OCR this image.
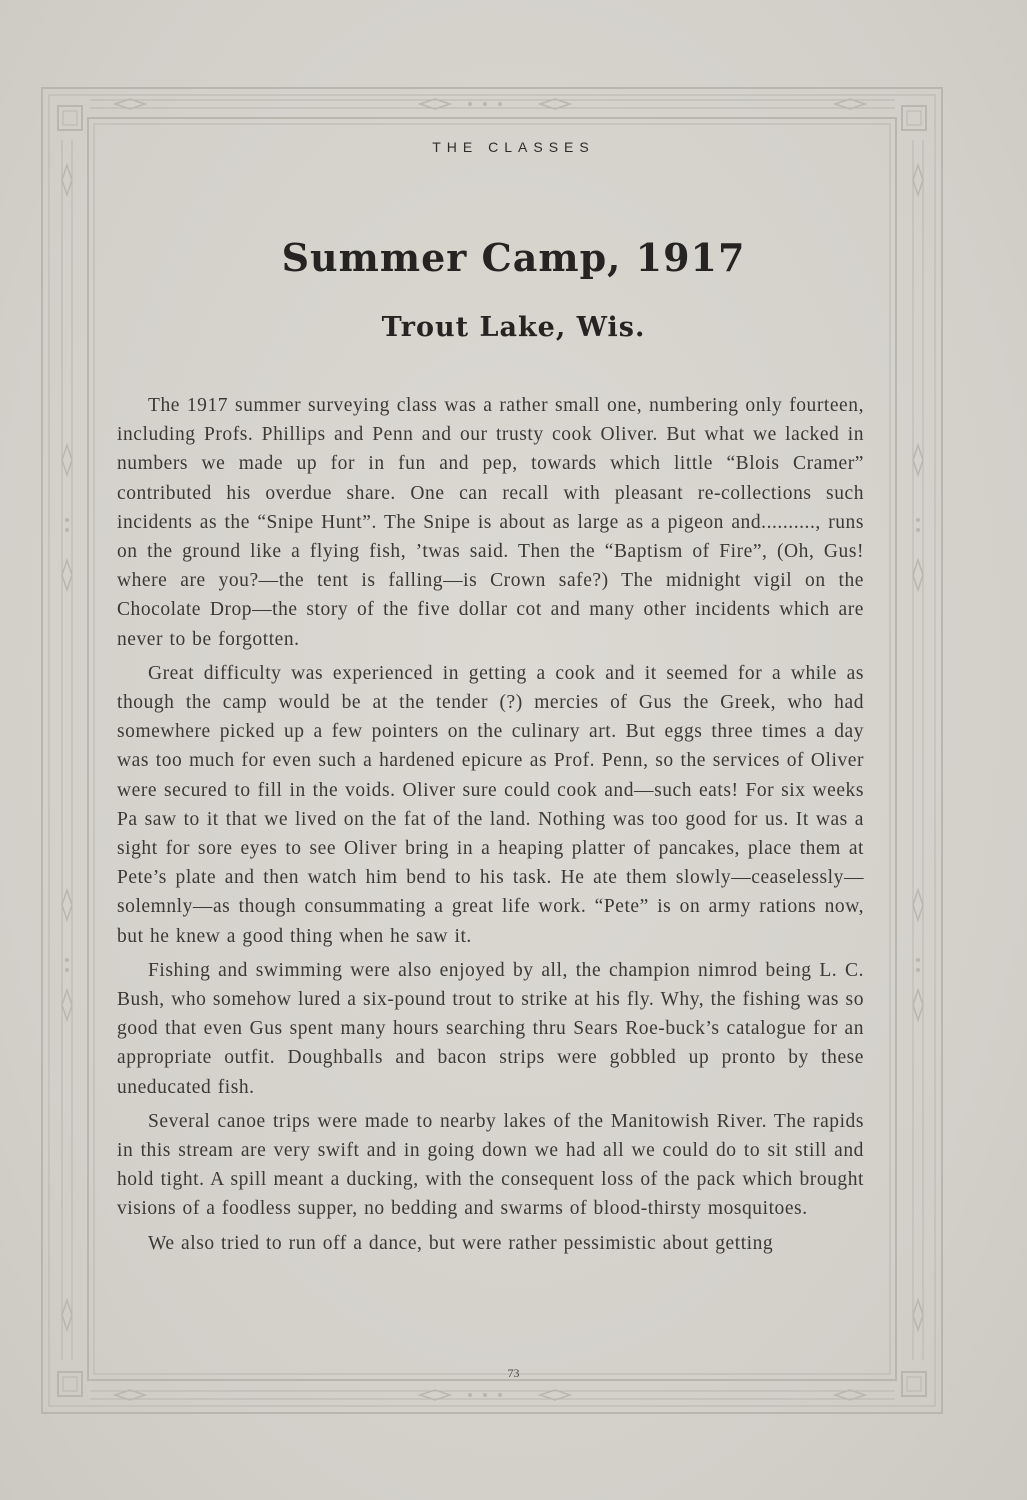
THE CLASSES
Summer Camp, 1917
Trout Lake, Wis.

The 1917 summer surveying class was a rather small one, numbering only fourteen, including Profs. Phillips and Penn and our trusty cook Oliver. But what we lacked in numbers we made up for in fun and pep, towards which little “Blois Cramer” contributed his overdue share. One can recall with pleasant re-collections such incidents as the “Snipe Hunt”. The Snipe is about as large as a pigeon and.........., runs on the ground like a flying fish, ’twas said. Then the “Baptism of Fire”, (Oh, Gus! where are you?—the tent is falling—is Crown safe?) The midnight vigil on the Chocolate Drop—the story of the five dollar cot and many other incidents which are never to be forgotten.

Great difficulty was experienced in getting a cook and it seemed for a while as though the camp would be at the tender (?) mercies of Gus the Greek, who had somewhere picked up a few pointers on the culinary art. But eggs three times a day was too much for even such a hardened epicure as Prof. Penn, so the services of Oliver were secured to fill in the voids. Oliver sure could cook and—such eats! For six weeks Pa saw to it that we lived on the fat of the land. Nothing was too good for us. It was a sight for sore eyes to see Oliver bring in a heaping platter of pancakes, place them at Pete’s plate and then watch him bend to his task. He ate them slowly—ceaselessly—solemnly—as though consummating a great life work. “Pete” is on army rations now, but he knew a good thing when he saw it.

Fishing and swimming were also enjoyed by all, the champion nimrod being L. C. Bush, who somehow lured a six-pound trout to strike at his fly. Why, the fishing was so good that even Gus spent many hours searching thru Sears Roe-buck’s catalogue for an appropriate outfit. Doughballs and bacon strips were gobbled up pronto by these uneducated fish.

Several canoe trips were made to nearby lakes of the Manitowish River. The rapids in this stream are very swift and in going down we had all we could do to sit still and hold tight. A spill meant a ducking, with the consequent loss of the pack which brought visions of a foodless supper, no bedding and swarms of blood-thirsty mosquitoes.

We also tried to run off a dance, but were rather pessimistic about getting

73
